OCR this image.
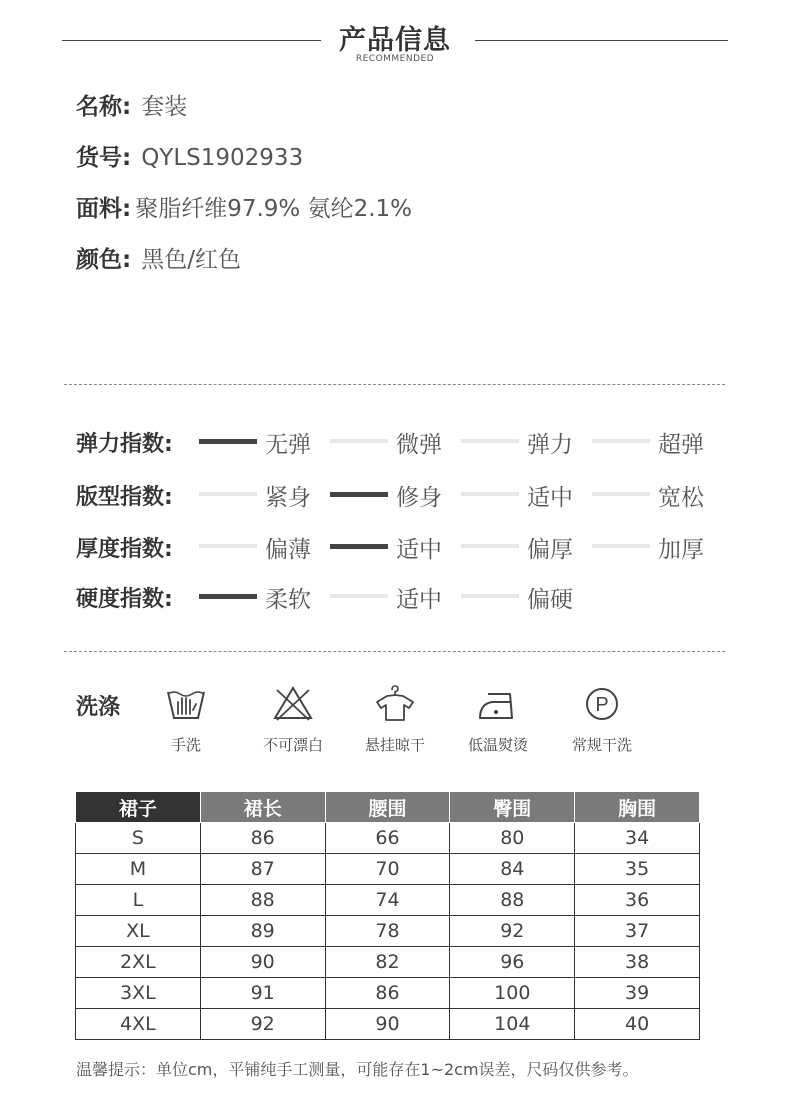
产品信息
RECOMMENDED
名称: 套装
货号: QYLS1902933
面料: 聚脂纤维97.9% 氨纶2.1%
颜色: 黑色/红色
弹力指数:	无弹	微弹	弹力	超弹
版型指数:	紧身	修身	适中	宽松
厚度指数:	偏薄	适中	偏厚	加厚
硬度指数:	柔软	适中	偏硬
洗涤
手洗	不可漂白	悬挂晾干	低温熨烫
P
常规干洗
裙子	裙长	腰围	臀围	胸围
S	86	66	80	34
M	87	70	84	35
L	88	74	88	36
XL	89	78	92	37
2XL	90	82	96	38
3XL	91	86	100	39
4XL	92	90	104	40
温馨提示：单位cm，平铺纯手工测量，可能存在1~2cm误差，尺码仅供参考。
